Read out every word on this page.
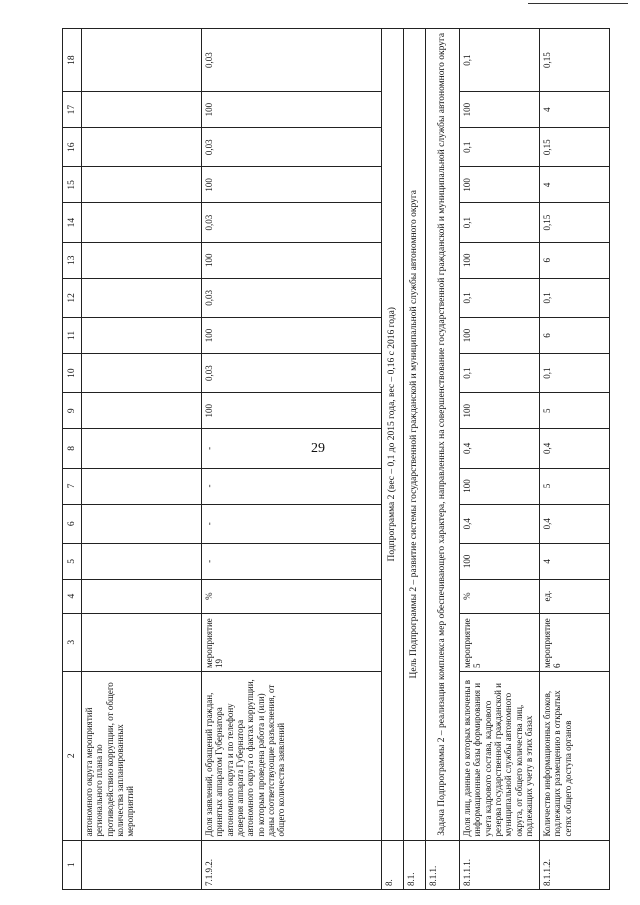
29
1	2	3	4	5	6	7	8	9	10	11	12	13	14	15	16	17	18
	автономного округа мероприятий регионального плана по противодействию коррупции, от общего количества запланированных мероприятий																
7.1.9.2.	Доля заявлений, обращений граждан, принятых аппаратом Губернатора автономного округа и по телефону доверия аппарата Губернатора автономного округа о фактах коррупции, по которым проведена работа и (или) даны соответствующие разъяснения, от общего количества заявлений	мероприятие 19	%	-	-	-	-	100	0,03	100	0,03	100	0,03	100	0,03	100	0,03
8.	Подпрограмма 2 (вес – 0,1 до 2015 года, вес – 0,16 с 2016 года)																
8.1.	Цель Подпрограммы 2 – развитие системы государственной гражданской и муниципальной службы автономного округа																
8.1.1.	Задача Подпрограммы 2 – реализация комплекса мер обеспечивающего характера, направленных на совершенствование государственной гражданской и муниципальной службы автономного округа																
8.1.1.1.	Доля лиц, данные о которых включены в информационные базы формирования и учета кадрового состава, кадрового резерва государственной гражданской и муниципальной службы автономного округа, от общего количества лиц, подлежащих учету в этих базах	мероприятие 5	%	100	0,4	100	0,4	100	0,1	100	0,1	100	0,1	100	0,1	100	0,1
8.1.1.2.	Количество информационных блоков, подлежащих размещению в открытых сетях общего доступа органов	мероприятие 6	ед.	4	0,4	5	0,4	5	0,1	6	0,1	6	0,15	4	0,15	4	0,15
